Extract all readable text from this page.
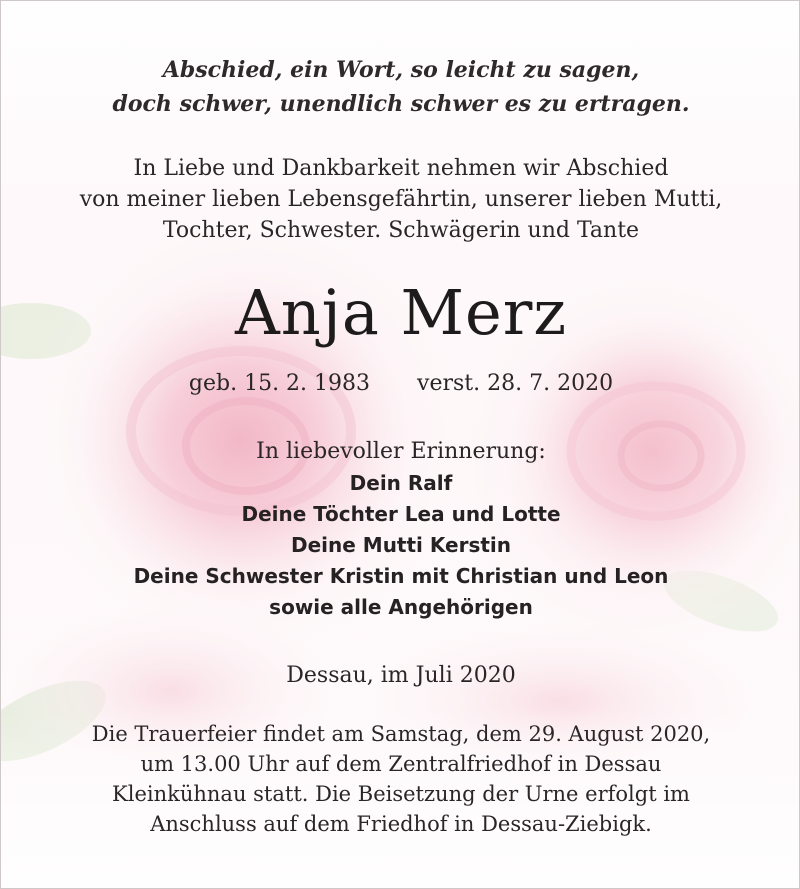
Abschied, ein Wort, so leicht zu sagen,
doch schwer, unendlich schwer es zu ertragen.
In Liebe und Dankbarkeit nehmen wir Abschied
von meiner lieben Lebensgefährtin, unserer lieben Mutti,
Tochter, Schwester. Schwägerin und Tante
Anja Merz
geb. 15. 2. 1983 verst. 28. 7. 2020
In liebevoller Erinnerung:
Dein Ralf
Deine Töchter Lea und Lotte
Deine Mutti Kerstin
Deine Schwester Kristin mit Christian und Leon
sowie alle Angehörigen
Dessau, im Juli 2020
Die Trauerfeier findet am Samstag, dem 29. August 2020,
um 13.00 Uhr auf dem Zentralfriedhof in Dessau
Kleinkühnau statt. Die Beisetzung der Urne erfolgt im
Anschluss auf dem Friedhof in Dessau-Ziebigk.
